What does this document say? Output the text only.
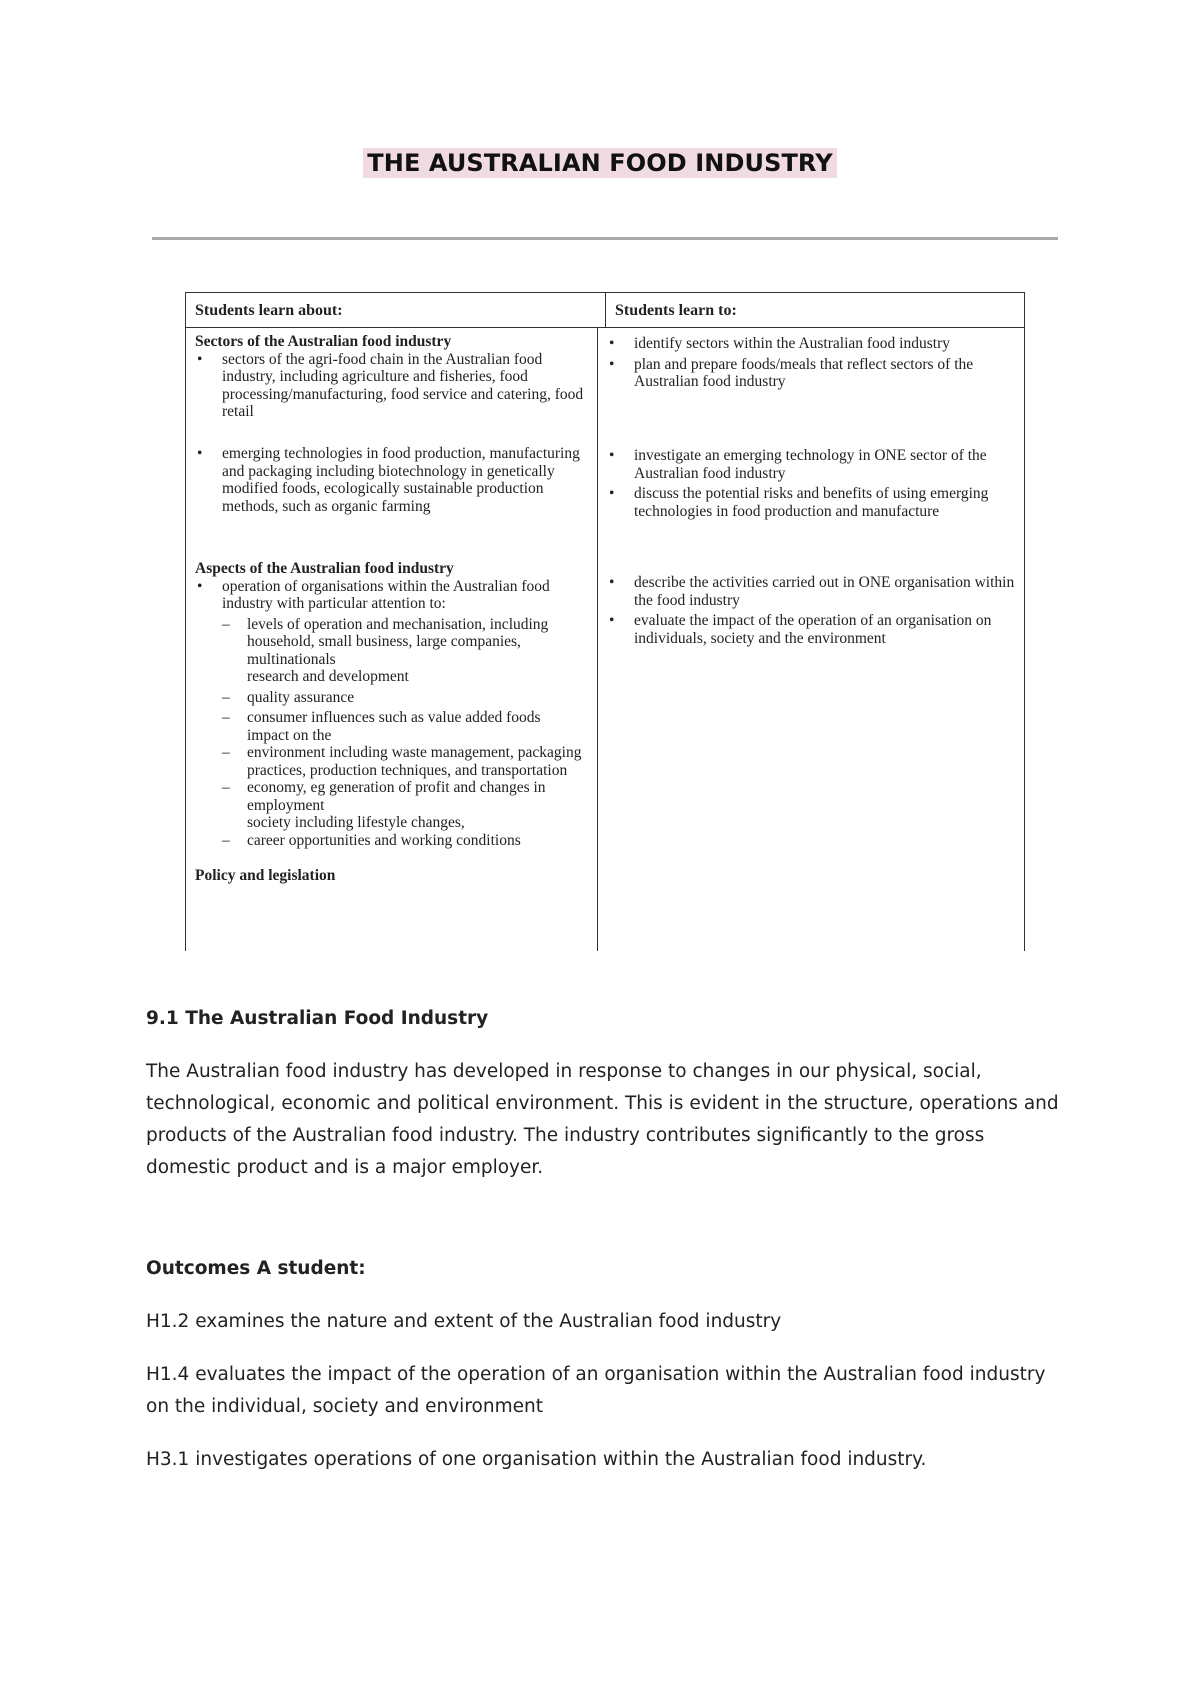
THE AUSTRALIAN FOOD INDUSTRY
Students learn about:	Students learn to:
Sectors of the Australian food industry
• sectors of the agri-food chain in the Australian food industry, including agriculture and fisheries, food processing/manufacturing, food service and catering, food retail
• emerging technologies in food production, manufacturing and packaging including biotechnology in genetically modified foods, ecologically sustainable production methods, such as organic farming
Aspects of the Australian food industry
• operation of organisations within the Australian food industry with particular attention to:
– levels of operation and mechanisation, including household, small business, large companies, multinationals
research and development
– quality assurance
– consumer influences such as value added foods
impact on the
– environment including waste management, packaging practices, production techniques, and transportation
– economy, eg generation of profit and changes in employment
society including lifestyle changes,
– career opportunities and working conditions
Policy and legislation
• identify sectors within the Australian food industry
• plan and prepare foods/meals that reflect sectors of the Australian food industry
• investigate an emerging technology in ONE sector of the Australian food industry
• discuss the potential risks and benefits of using emerging technologies in food production and manufacture
• describe the activities carried out in ONE organisation within the food industry
• evaluate the impact of the operation of an organisation on individuals, society and the environment
9.1 The Australian Food Industry

The Australian food industry has developed in response to changes in our physical, social, technological, economic and political environment. This is evident in the structure, operations and products of the Australian food industry. The industry contributes significantly to the gross domestic product and is a major employer.

Outcomes A student:
H1.2 examines the nature and extent of the Australian food industry
H1.4 evaluates the impact of the operation of an organisation within the Australian food industry on the individual, society and environment
H3.1 investigates operations of one organisation within the Australian food industry.
